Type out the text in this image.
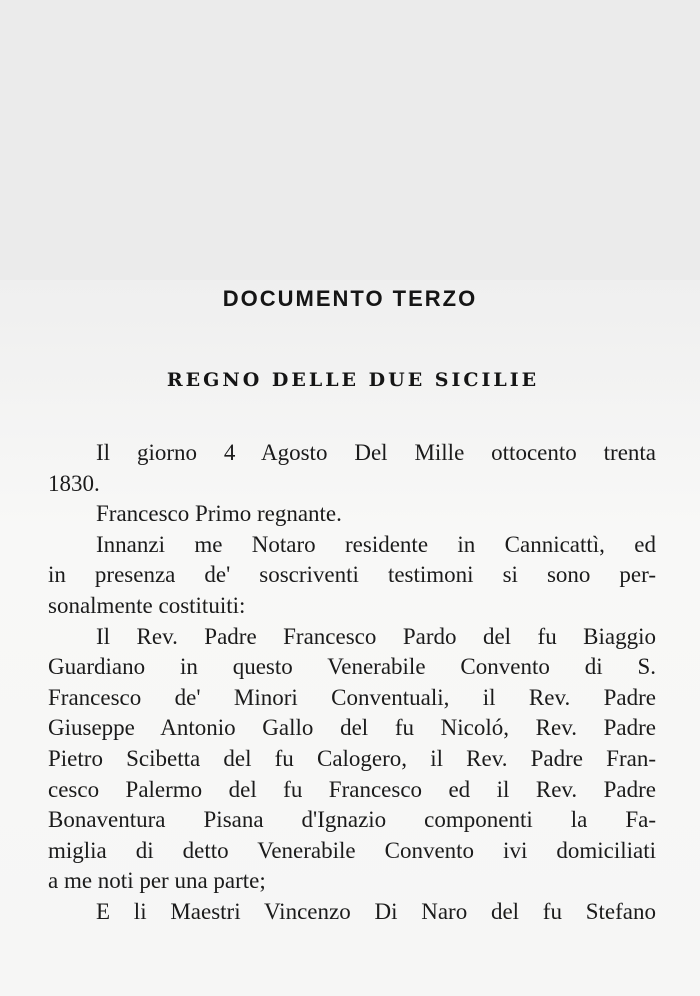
DOCUMENTO TERZO
REGNO DELLE DUE SICILIE
Il giorno 4 Agosto Del Mille ottocento trenta
1830.
Francesco Primo regnante.
Innanzi me Notaro residente in Cannicattì, ed
in presenza de' soscriventi testimoni si sono per-
sonalmente costituiti:
Il Rev. Padre Francesco Pardo del fu Biaggio
Guardiano in questo Venerabile Convento di S.
Francesco de' Minori Conventuali, il Rev. Padre
Giuseppe Antonio Gallo del fu Nicoló, Rev. Padre
Pietro Scibetta del fu Calogero, il Rev. Padre Fran-
cesco Palermo del fu Francesco ed il Rev. Padre
Bonaventura Pisana d'Ignazio componenti la Fa-
miglia di detto Venerabile Convento ivi domiciliati
a me noti per una parte;
E li Maestri Vincenzo Di Naro del fu Stefano
